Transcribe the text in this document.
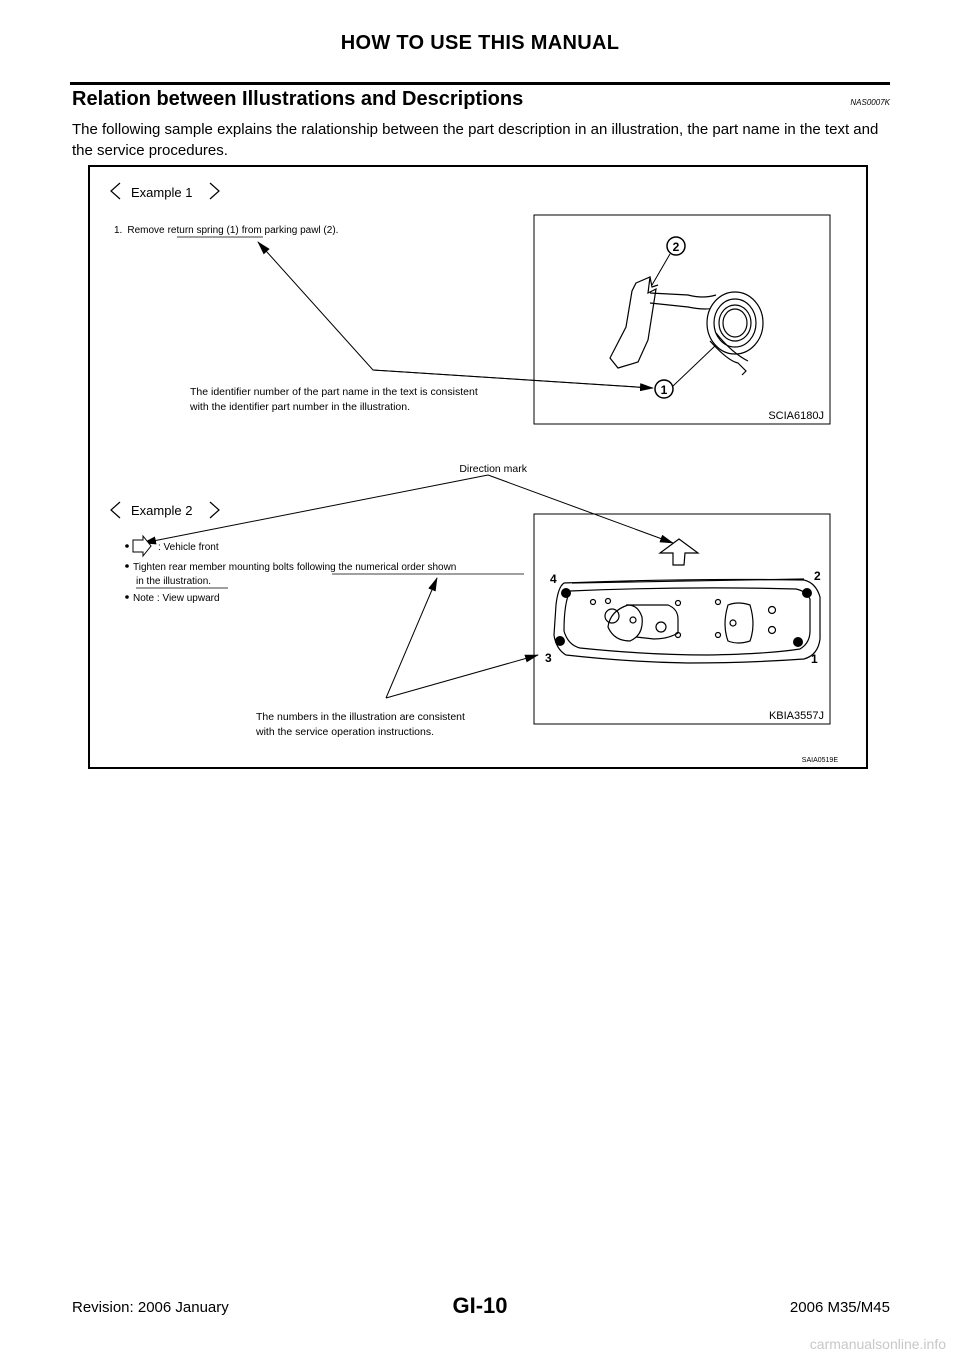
HOW TO USE THIS MANUAL
Relation between Illustrations and Descriptions	NAS0007K
The following sample explains the ralationship between the part description in an illustration, the part name in the text and the service procedures.
Example 1
1. Remove return spring (1) from parking pawl (2).
2
1
The identifier number of the part name in the text is consistent
with the identifier part number in the illustration.
SCIA6180J
Direction mark
Example 2
: Vehicle front
Tighten rear member mounting bolts following the numerical order shown
in the illustration.
Note : View upward
4	2
3	1
KBIA3557J
The numbers in the illustration are consistent
with the service operation instructions.
SAIA0519E
Revision: 2006 January	GI-10	2006 M35/M45
carmanualsonline.info
